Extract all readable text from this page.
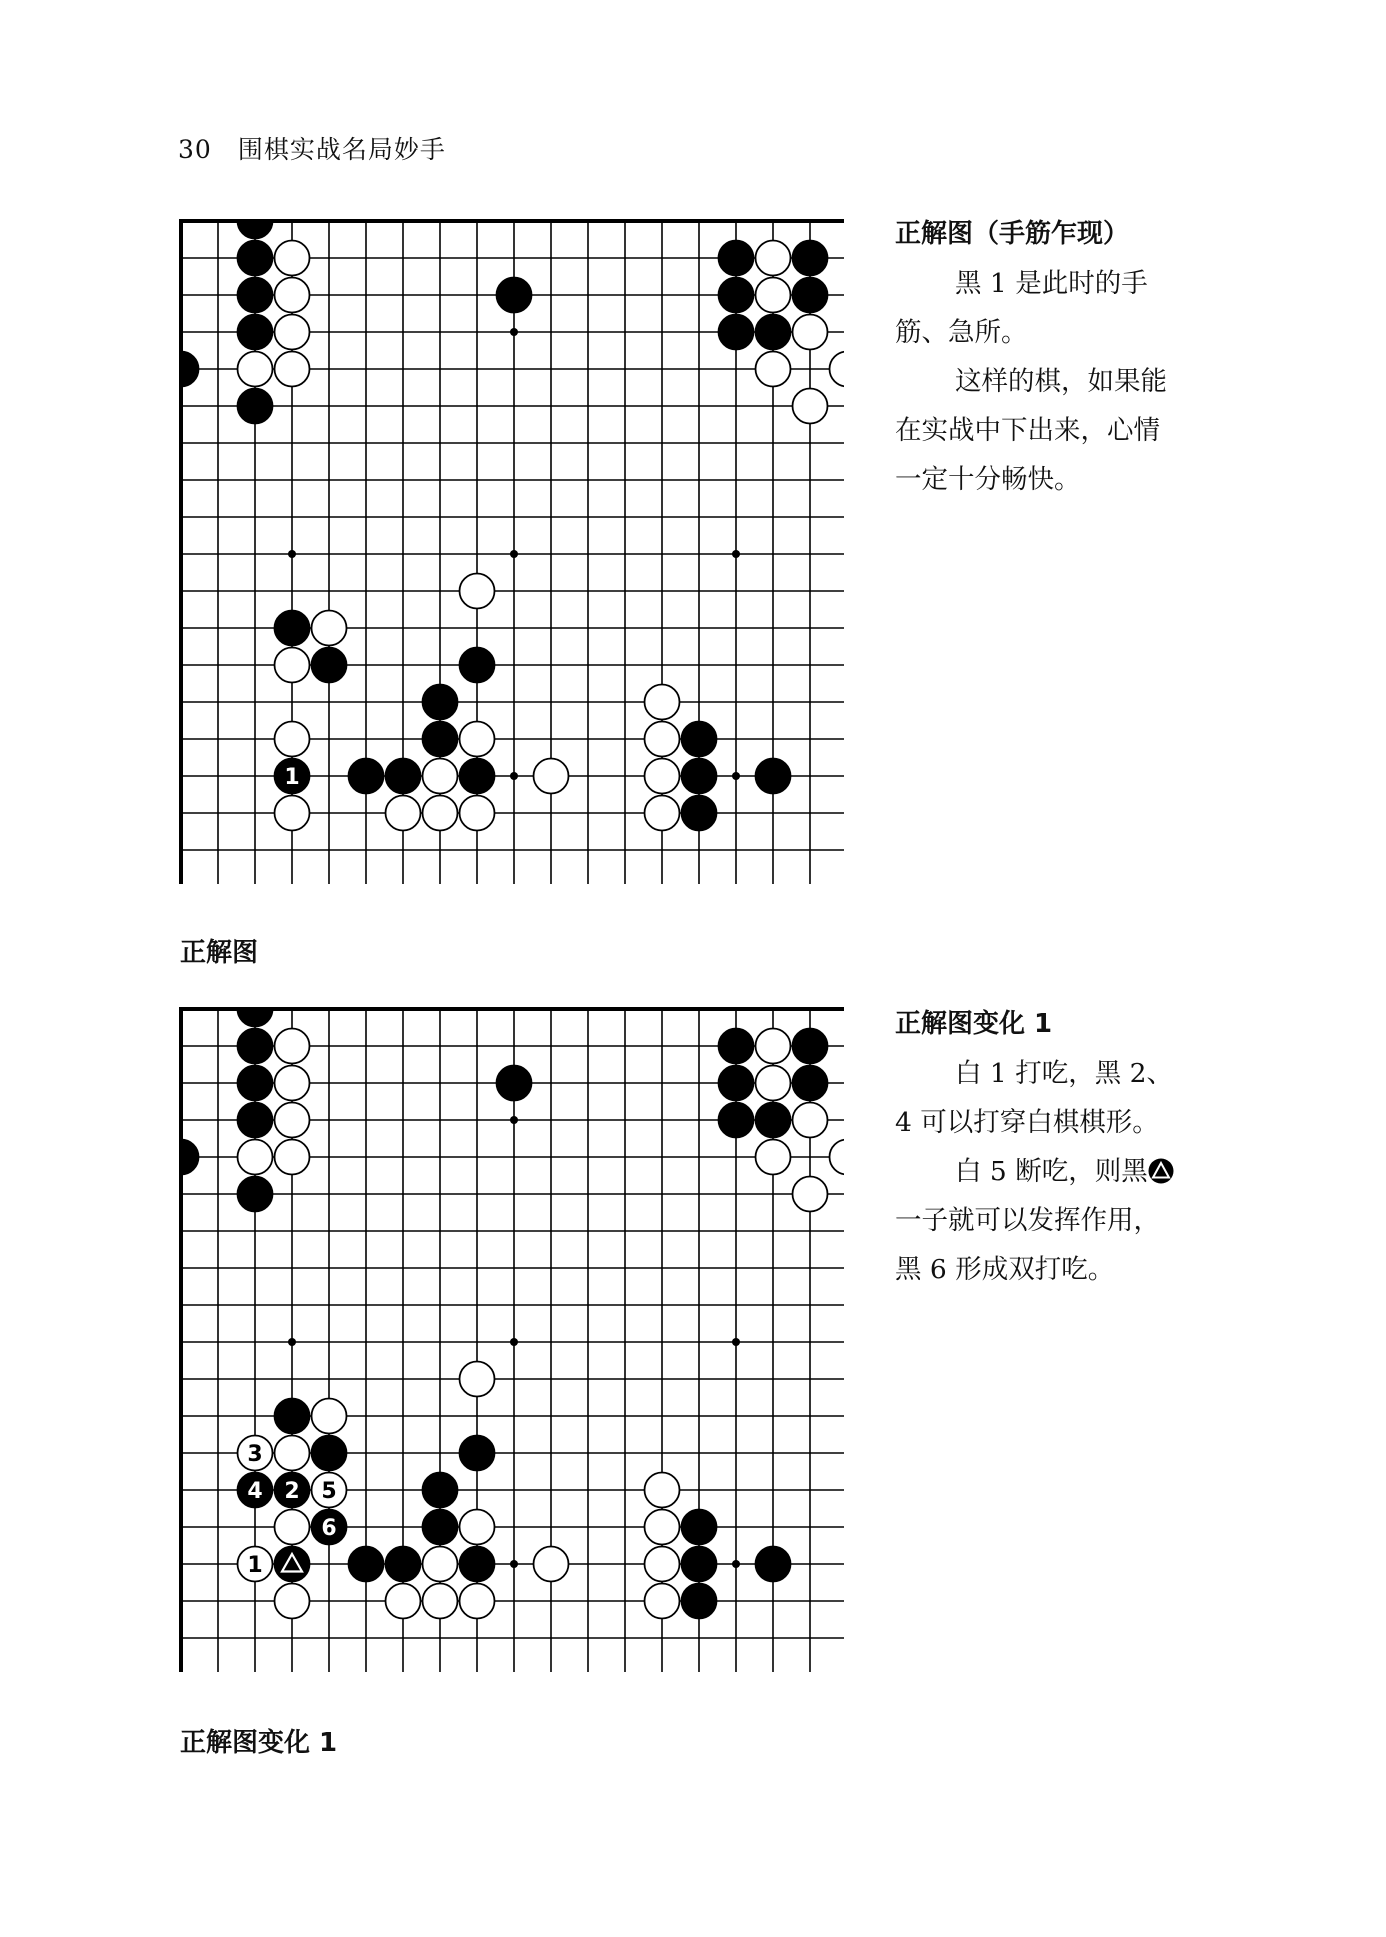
30 围棋实战名局妙手
1
正解图
正解图（手筋乍现）

黑 1 是此时的手筋、急所。

这样的棋，如果能在实战中下出来，心情一定十分畅快。

3
4 2 5
6
1
正解图变化 1
正解图变化 1

白 1 打吃，黑 2、4 可以打穿白棋棋形。

白 5 断吃，则黑一子就可以发挥作用，黑 6 形成双打吃。
